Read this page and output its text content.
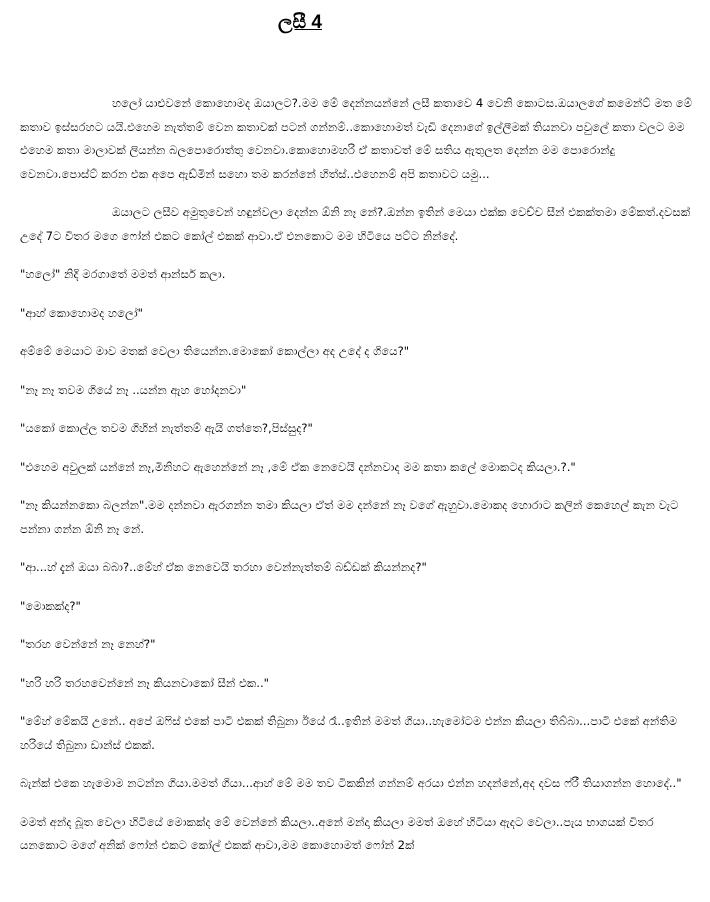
ලසී 4

හලෝ යාළුවනේ කොහොමද ඔයාලට?.මම මේ දෙන්නයන්නේ ලසී කතාවෙ 4 වෙනි කොටස.ඔයාලගේ කමෙන්ට් මත මේ කතාව ඉස්සරහට යයි.එහෙම නැත්තම් වෙන කතාවක් පටන් ගන්නම්..කොහොමත් වැඩි දෙනාගේ ඉල්ලීමක් තියනවා පවුලේ කතා වලට මම එහෙම කතා මාලාවක් ලියන්න බලපොරොත්තු වෙනවා.කොහොමහරි ඒ කතාවත් මේ සතිය ඇතුලත දෙන්න මම පොරොන්දු වෙනවා.පොස්ට් කරන එක අපෙ ඇඩ්මින් සහො තම කරන්නේ හිත්ස්..එහෙනම් අපි කතාවට යමු...

ඔයාලට ලසීව අමුතුවෙන් හඳුන්වලා දෙන්න ඕනි නෑ නේ?.ඔන්න ඉතින් මෙයා එක්ක වෙච්ච සීන් එකක්තමා මේකත්.දවසක් උදේ 7ට විතර මගෙ ෆෝන් එකට කෝල් එකක් ආවා.ඒ එනකොට මම හිටියෙ පට්ට නින්දේ.

"හලෝ" නිදි මරගාතේ මමත් ආන්සර් කලා.

"ආහ් කොහොමද හලෝ"

අම්මේ මෙයාට මාව මතක් වෙලා තියෙන්න.මොකෝ කොල්ලා අද උදේ ද ගියෙ?"

"නෑ නෑ තවම ගියේ නෑ ..යන්න ඇහ හෝදනවා"

"යකෝ කොල්ල තවම ගිහින් නැත්තම් ඇයි ගත්තෙ?,පිස්සුද?"

"එහෙම අවුලක් යන්නේ නෑ,මිනිහට ඇහෙන්නේ නෑ ,මේ ඒක නෙවෙයි දන්නවාද මම කතා කලේ මොකටද කියලා.?."

"නෑ කියන්නකො බලන්න".මම දන්නවා ඇරගන්න තමා කියලා ඒත් මම දන්නේ නෑ වගේ ඇහුවා.මොකද හොරාට කලින් කෙහෙල් කැන වැට පන්නා ගන්න ඕනි නෑ නේ.

"ආ...හ් දැන් ඔයා බබා?..මේහ් ඒක නෙවෙයි තරහා වෙන්නැත්තම් බඩ්ඩක් කියන්නද?"

"මොකක්ද?"

"තරහ වෙන්නේ නෑ නෙහ්?"

"හරි හරි තරහවෙන්නේ නෑ කියනවාකෝ සීන් එක.."

"මේහ් මේකයි උනේ.. අපේ ඔෆිස් එකේ පාටි එකක් තිබුනා ඊයේ රෑ..ඉතින් මමත් ගියා..හැමෝටම එන්න කියලා තිබ්බා...පාටි එකේ අන්තිම හරියේ තිබුනා ඩාන්ස් එකක්.

බැන්ක් එකෙ හැමොම නටන්න ගියා.මමත් ගියා...ආහ් මේ මම තව ටිකකින් ගන්නම් අරයා එන්න හදන්නේ,අද දවස ෆ්රී තියාගන්න හොදේ.."

මමත් අන්ද බූත වෙලා හිටියේ මොකක්ද මේ වෙන්නේ කියලා..අනේ මන්දා කියලා මමත් ඔහේ හිටියා ඇදට වෙලා..පැය භාගයක් විතර යනකොට මගේ අනික් ෆෝන් එකට කෝල් එකක් ආවා,මම කොහොමත් ෆෝන් 2ක්
